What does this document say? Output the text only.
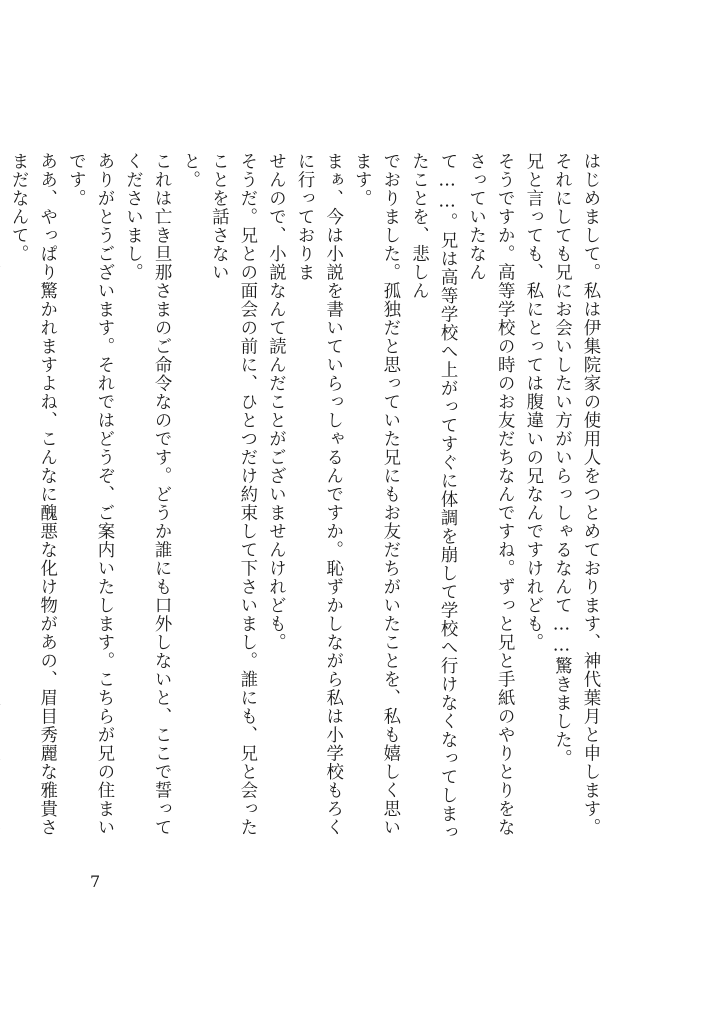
はじめまして。私は伊集院家の使用人をつとめております、神代葉月と申します。
それにしても兄にお会いしたい方がいらっしゃるなんて……驚きました。
兄と言っても、私にとっては腹違いの兄なんですけれども。
そうですか。高等学校の時のお友だちなんですね。ずっと兄と手紙のやりとりをなさっていたなん
て……。兄は高等学校へ上がってすぐに体調を崩して学校へ行けなくなってしまったことを、悲しん
でおりました。孤独だと思っていた兄にもお友だちがいたことを、私も嬉しく思います。
まぁ、今は小説を書いていらっしゃるんですか。恥ずかしながら私は小学校もろくに行っておりま
せんので、小説なんて読んだことがございませんけれども。
そうだ。兄との面会の前に、ひとつだけ約束して下さいまし。誰にも、兄と会ったことを話さない
と。
これは亡き旦那さまのご命令なのです。どうか誰にも口外しないと、ここで誓ってくださいまし。
ありがとうございます。それではどうぞ、ご案内いたします。こちらが兄の住まいです。
ああ、やっぱり驚かれますよね、こんなに醜悪な化け物があの、眉目秀麗な雅貴さまだなんて。
7
